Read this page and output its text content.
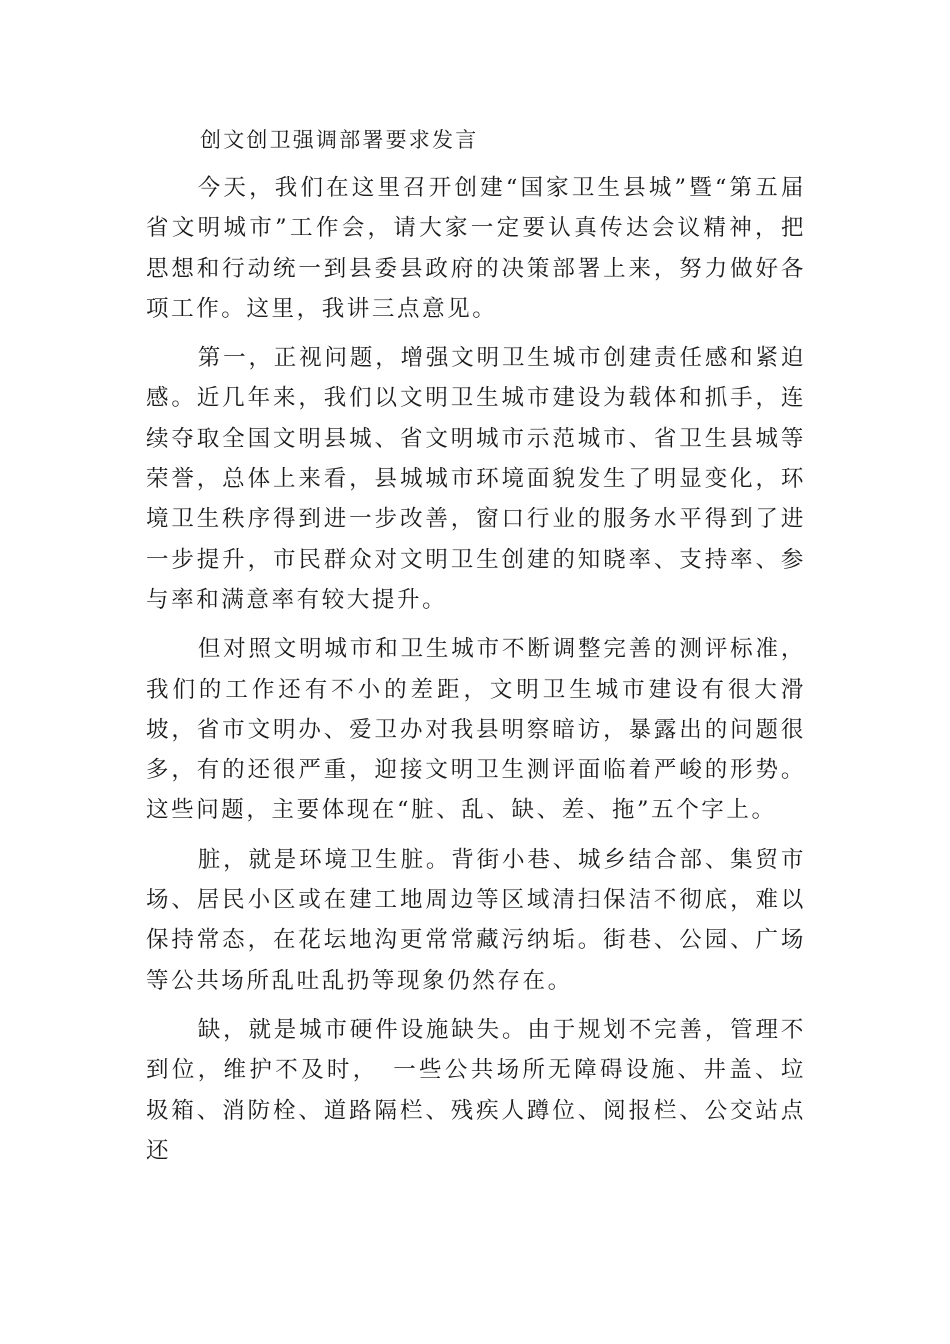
创文创卫强调部署要求发言

今天，我们在这里召开创建“国家卫生县城”暨“第五届省文明城市”工作会，请大家一定要认真传达会议精神，把思想和行动统一到县委县政府的决策部署上来，努力做好各项工作。这里，我讲三点意见。

第一，正视问题，增强文明卫生城市创建责任感和紧迫感。近几年来，我们以文明卫生城市建设为载体和抓手，连续夺取全国文明县城、省文明城市示范城市、省卫生县城等荣誉，总体上来看，县城城市环境面貌发生了明显变化，环境卫生秩序得到进一步改善，窗口行业的服务水平得到了进一步提升，市民群众对文明卫生创建的知晓率、支持率、参与率和满意率有较大提升。

但对照文明城市和卫生城市不断调整完善的测评标准，我们的工作还有不小的差距，文明卫生城市建设有很大滑坡，省市文明办、爱卫办对我县明察暗访，暴露出的问题很多，有的还很严重，迎接文明卫生测评面临着严峻的形势。这些问题，主要体现在“脏、乱、缺、差、拖”五个字上。

脏，就是环境卫生脏。背街小巷、城乡结合部、集贸市场、居民小区或在建工地周边等区域清扫保洁不彻底，难以保持常态，在花坛地沟更常常藏污纳垢。街巷、公园、广场等公共场所乱吐乱扔等现象仍然存在。

缺，就是城市硬件设施缺失。由于规划不完善，管理不到位，维护不及时，　一些公共场所无障碍设施、井盖、垃圾箱、消防栓、道路隔栏、残疾人蹲位、阅报栏、公交站点还
